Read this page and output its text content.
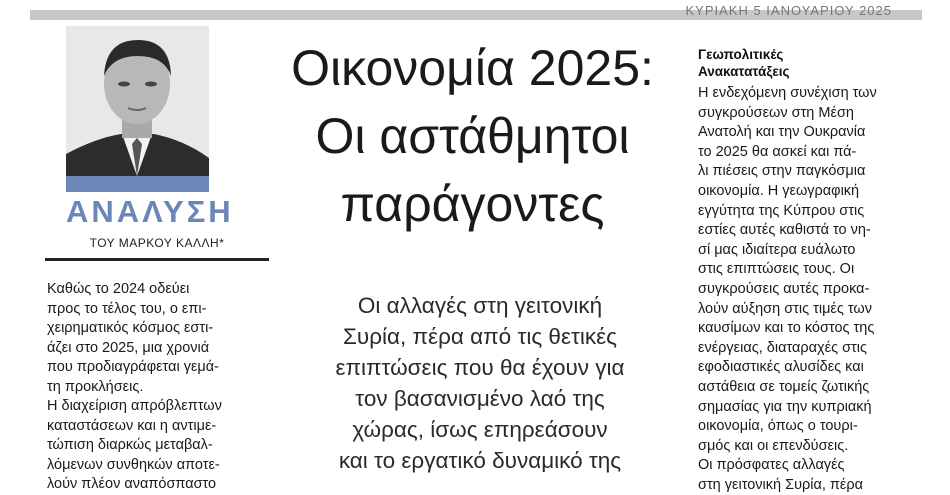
ΚΥΡΙΑΚΗ 5 ΙΑΝΟΥΑΡΙΟΥ 2025
ΑΝΑΛΥΣΗ
ΤΟΥ ΜΑΡΚΟΥ ΚΑΛΛΗ*
Καθώς το 2024 οδεύει
προς το τέλος του, ο επι-
χειρηματικός κόσμος εστι-
άζει στο 2025, μια χρονιά
που προδιαγράφεται γεμά-
τη προκλήσεις.
Η διαχείριση απρόβλεπτων
καταστάσεων και η αντιμε-
τώπιση διαρκώς μεταβαλ-
λόμενων συνθηκών αποτε-
λούν πλέον αναπόσπαστο
Οικονομία 2025:
Οι αστάθμητοι
παράγοντες
Οι αλλαγές στη γειτονική
Συρία, πέρα από τις θετικές
επιπτώσεις που θα έχουν για
τον βασανισμένο λαό της
χώρας, ίσως επηρεάσουν
και το εργατικό δυναμικό της
Γεωπολιτικές
Ανακατατάξεις
Η ενδεχόμενη συνέχιση των
συγκρούσεων στη Μέση
Ανατολή και την Ουκρανία
το 2025 θα ασκεί και πά-
λι πιέσεις στην παγκόσμια
οικονομία. Η γεωγραφική
εγγύτητα της Κύπρου στις
εστίες αυτές καθιστά το νη-
σί μας ιδιαίτερα ευάλωτο
στις επιπτώσεις τους. Οι
συγκρούσεις αυτές προκα-
λούν αύξηση στις τιμές των
καυσίμων και το κόστος της
ενέργειας, διαταραχές στις
εφοδιαστικές αλυσίδες και
αστάθεια σε τομείς ζωτικής
σημασίας για την κυπριακή
οικονομία, όπως ο τουρι-
σμός και οι επενδύσεις.
Οι πρόσφατες αλλαγές
στη γειτονική Συρία, πέρα
